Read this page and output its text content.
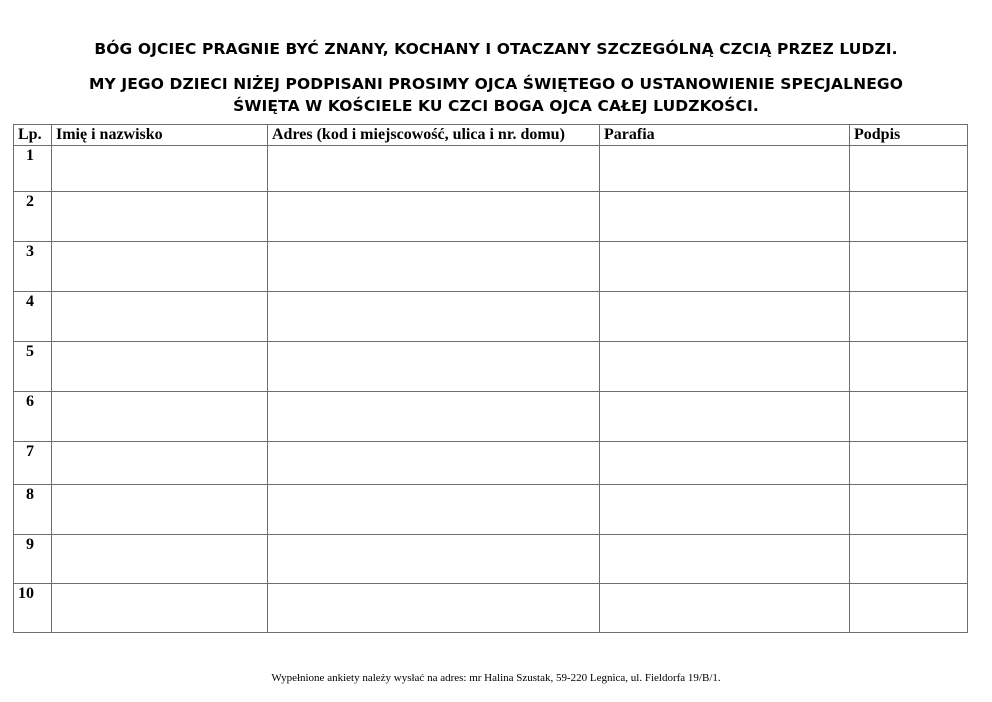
BÓG OJCIEC PRAGNIE BYĆ ZNANY, KOCHANY I OTACZANY SZCZEGÓLNĄ CZCIĄ PRZEZ LUDZI.
MY JEGO DZIECI NIŻEJ PODPISANI PROSIMY OJCA ŚWIĘTEGO O USTANOWIENIE SPECJALNEGO
ŚWIĘTA W KOŚCIELE KU CZCI BOGA OJCA CAŁEJ LUDZKOŚCI.
Lp.	Imię i nazwisko	Adres (kod i miejscowość, ulica i nr. domu)	Parafia	Podpis
1				
2				
3				
4				
5				
6				
7				
8				
9				
10				

Wypełnione ankiety należy wysłać na adres: mr Halina Szustak, 59-220 Legnica, ul. Fieldorfa 19/B/1.
